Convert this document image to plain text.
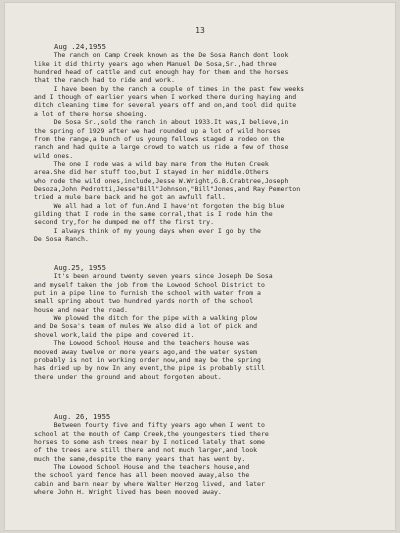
13
Aug .24,1955
The ranch on Camp Creek known as the De Sosa Ranch dont look
like it did thirty years ago when Manuel De Sosa,Sr.,had three
hundred head of cattle and cut enough hay for them and the horses
that the ranch had to ride and work.
I have been by the ranch a couple of times in the past few weeks
and I though of earlier years when I worked there during haying and
ditch cleaning time for several years off and on,and tool did quite
a lot of there horse shoeing.
De Sosa Sr.,sold the ranch in about 1933.It was,I believe,in
the spring of 1929 after we had rounded up a lot of wild horses
from the range,a bunch of us young fellows staged a rodeo on the
ranch and had quite a large crowd to watch us ride a few of those
wild ones.
The one I rode was a wild bay mare from the Huten Creek
area.She did her stuff too,but I stayed in her middle.Others
who rode the wild ones,include,Jesse W.Wright,G.B.Crabtree,Joseph
Desoza,John Pedrotti,Jesse"Bill"Johnson,"Bill"Jones,and Ray Pemerton
tried a mule bare back and he got an awfull fall.
We all had a lot of fun.And I have'nt forgoten the big blue
gilding that I rode in the same corral,that is I rode him the
second try,for he dumped me off the first try.
I always think of my young days when ever I go by the
De Sosa Ranch.
Aug.25, 1955
It's been around twenty seven years since Joseph De Sosa
and myself taken the job from the Lowood School District to
put in a pipe line to furnish the school with water from a
small spring about two hundred yards north of the school
house and near the road.
We plowed the ditch for the pipe with a walking plow
and De Sosa's team of mules We also did a lot of pick and
shovel work,laid the pipe and covered it.
The Lowood School House and the teachers house was
mooved away twelve or more years ago,and the water system
probably is not in working order now,and may be the spring
has dried up by now In any event,the pipe is probably still
there under the ground and about forgoten about.
Aug. 26, 1955
Between fourty five and fifty years ago when I went to
school at the mouth of Camp Creek,the youngesters tied there
horses to some ash trees near by I noticed lately that some
of the trees are still there and not much larger,and look
much the same,despite the many years that has went by.
The Lowood School House and the teachers house,and
the school yard fence has all been mooved away,also the
cabin and barn near by where Walter Herzog lived, and later
where John H. Wright lived has been mooved away.
